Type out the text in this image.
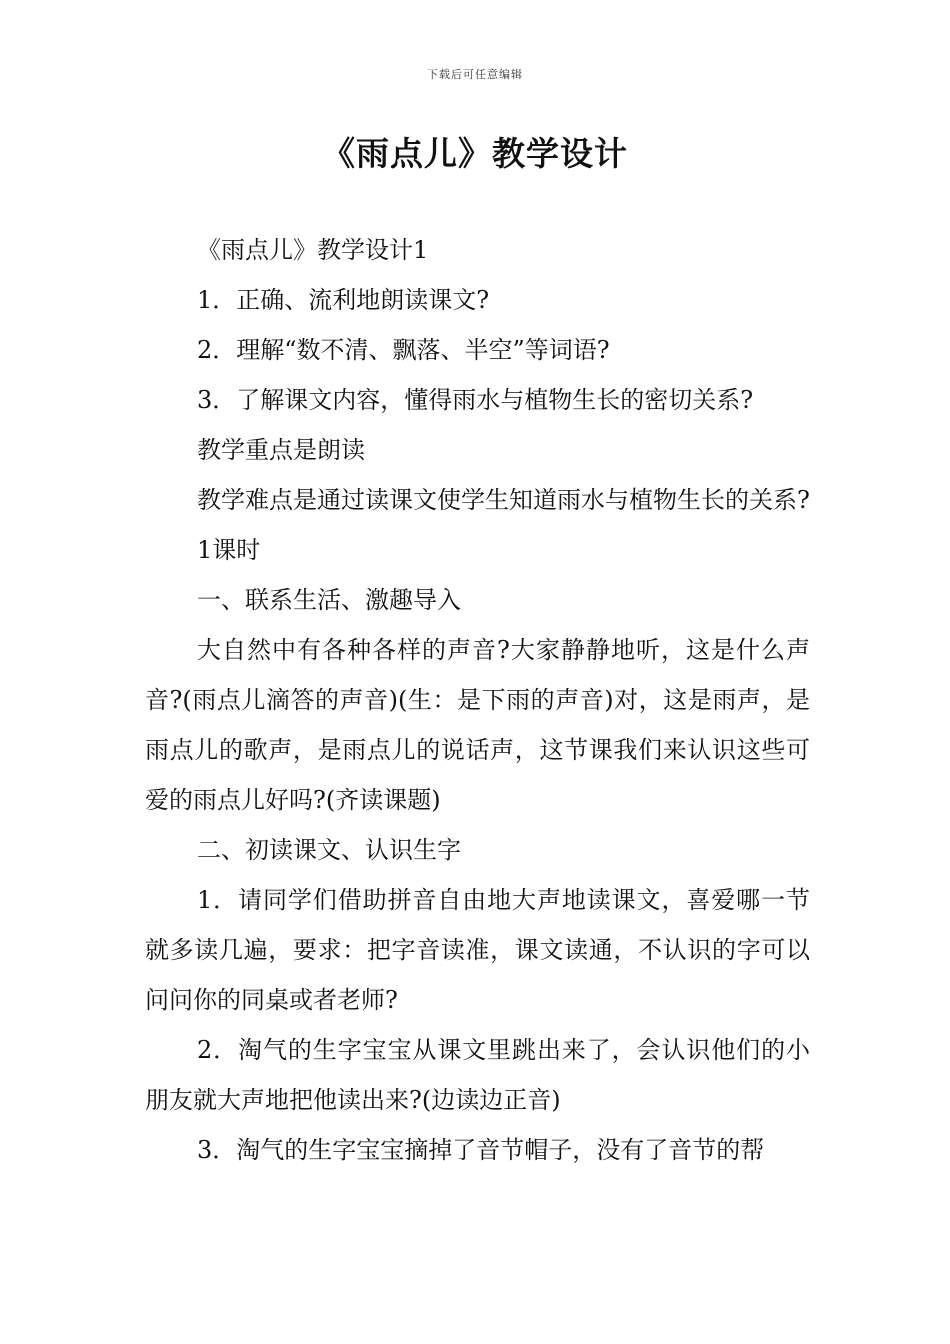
下载后可任意编辑
《雨点儿》教学设计

《雨点儿》教学设计1

1．正确、流利地朗读课文?

2．理解“数不清、飘落、半空”等词语?

3．了解课文内容，懂得雨水与植物生长的密切关系?

教学重点是朗读

教学难点是通过读课文使学生知道雨水与植物生长的关系?

1课时

一、联系生活、激趣导入

大自然中有各种各样的声音?大家静静地听，这是什么声音?(雨点儿滴答的声音)(生：是下雨的声音)对，这是雨声，是雨点儿的歌声，是雨点儿的说话声，这节课我们来认识这些可爱的雨点儿好吗?(齐读课题)

二、初读课文、认识生字

1．请同学们借助拼音自由地大声地读课文，喜爱哪一节就多读几遍，要求：把字音读准，课文读通，不认识的字可以问问你的同桌或者老师?

2．淘气的生字宝宝从课文里跳出来了，会认识他们的小朋友就大声地把他读出来?(边读边正音)

3．淘气的生字宝宝摘掉了音节帽子，没有了音节的帮
